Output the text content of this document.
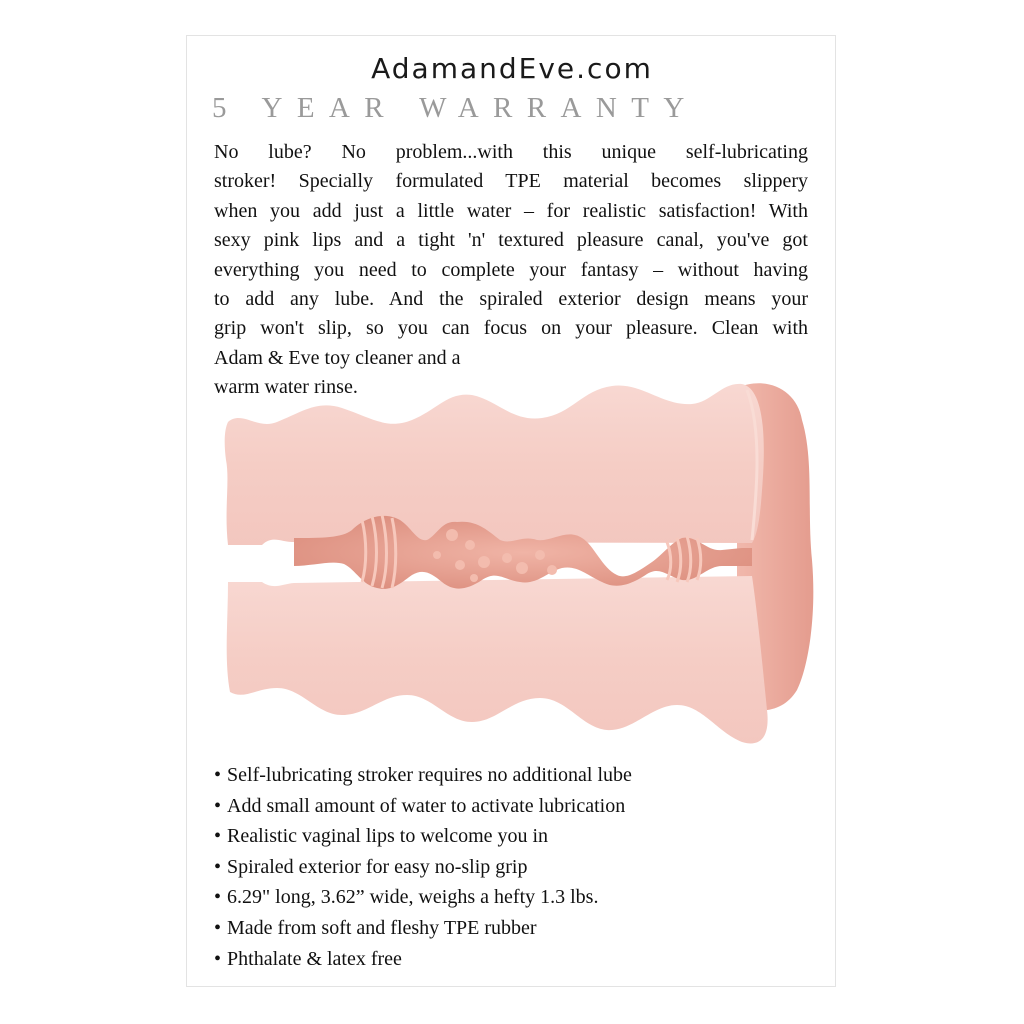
AdamandEve.com
5 YEAR WARRANTY
No lube? No problem...with this unique self-lubricating
stroker! Specially formulated TPE material becomes slippery
when you add just a little water – for realistic satisfaction! With
sexy pink lips and a tight 'n' textured pleasure canal, you've got
everything you need to complete your fantasy – without having
to add any lube. And the spiraled exterior design means your
grip won't slip, so you can focus on your pleasure. Clean with
Adam & Eve toy cleaner and a
warm water rinse.
• Self-lubricating stroker requires no additional lube
• Add small amount of water to activate lubrication
• Realistic vaginal lips to welcome you in
• Spiraled exterior for easy no-slip grip
• 6.29" long, 3.62” wide, weighs a hefty 1.3 lbs.
• Made from soft and fleshy TPE rubber
• Phthalate & latex free
